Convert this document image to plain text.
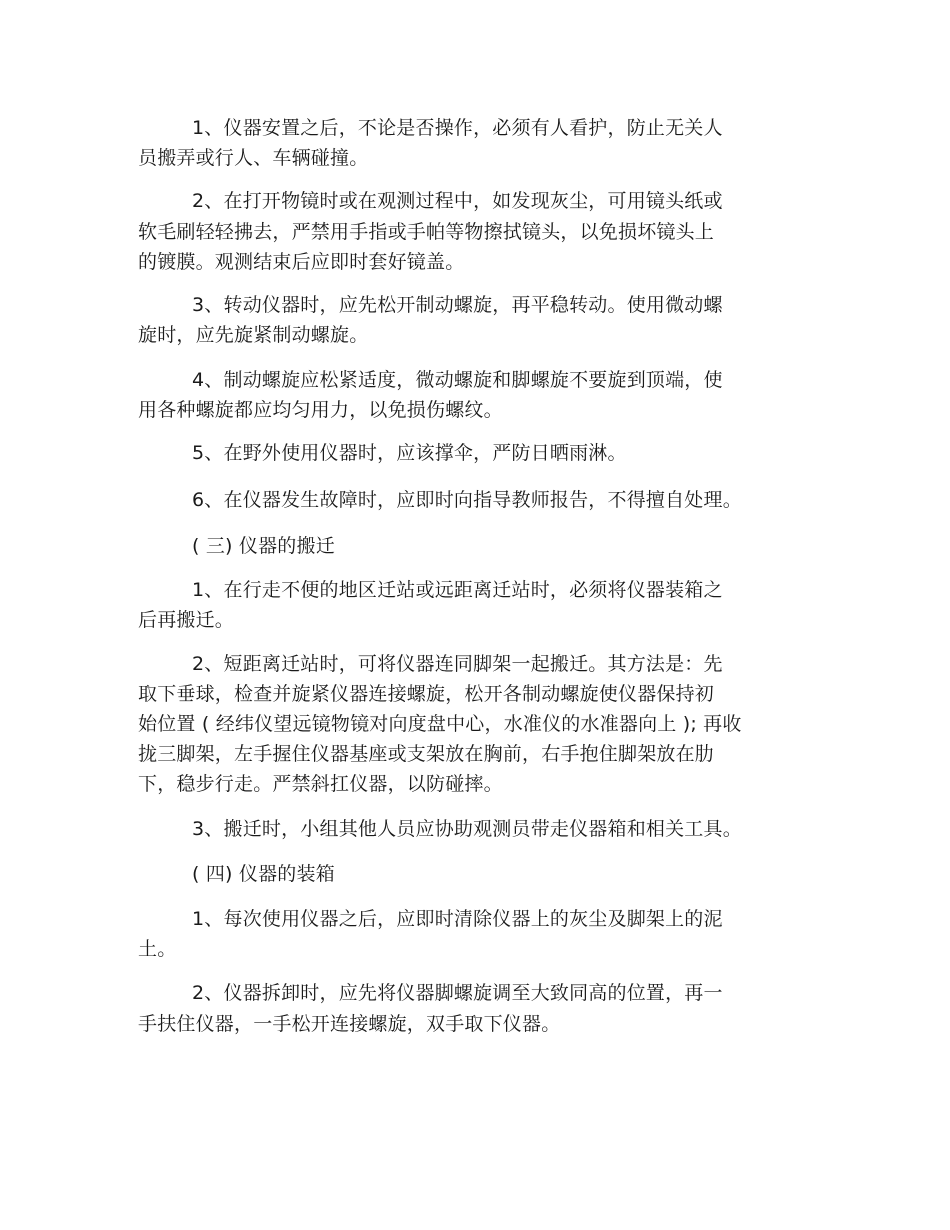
1、仪器安置之后，不论是否操作，必须有人看护，防止无关人
员搬弄或行人、车辆碰撞。
2、在打开物镜时或在观测过程中，如发现灰尘，可用镜头纸或
软毛刷轻轻拂去，严禁用手指或手帕等物擦拭镜头，以免损坏镜头上
的镀膜。观测结束后应即时套好镜盖。
3、转动仪器时，应先松开制动螺旋，再平稳转动。使用微动螺
旋时，应先旋紧制动螺旋。
4、制动螺旋应松紧适度，微动螺旋和脚螺旋不要旋到顶端，使
用各种螺旋都应均匀用力，以免损伤螺纹。
5、在野外使用仪器时，应该撑伞，严防日晒雨淋。
6、在仪器发生故障时，应即时向指导教师报告，不得擅自处理。
( 三) 仪器的搬迁
1、在行走不便的地区迁站或远距离迁站时，必须将仪器装箱之
后再搬迁。
2、短距离迁站时，可将仪器连同脚架一起搬迁。其方法是：先
取下垂球，检查并旋紧仪器连接螺旋，松开各制动螺旋使仪器保持初
始位置 ( 经纬仪望远镜物镜对向度盘中心，水准仪的水准器向上 ); 再收
拢三脚架，左手握住仪器基座或支架放在胸前，右手抱住脚架放在肋
下，稳步行走。严禁斜扛仪器，以防碰摔。
3、搬迁时，小组其他人员应协助观测员带走仪器箱和相关工具。
( 四) 仪器的装箱
1、每次使用仪器之后，应即时清除仪器上的灰尘及脚架上的泥
土。
2、仪器拆卸时，应先将仪器脚螺旋调至大致同高的位置，再一
手扶住仪器，一手松开连接螺旋，双手取下仪器。
